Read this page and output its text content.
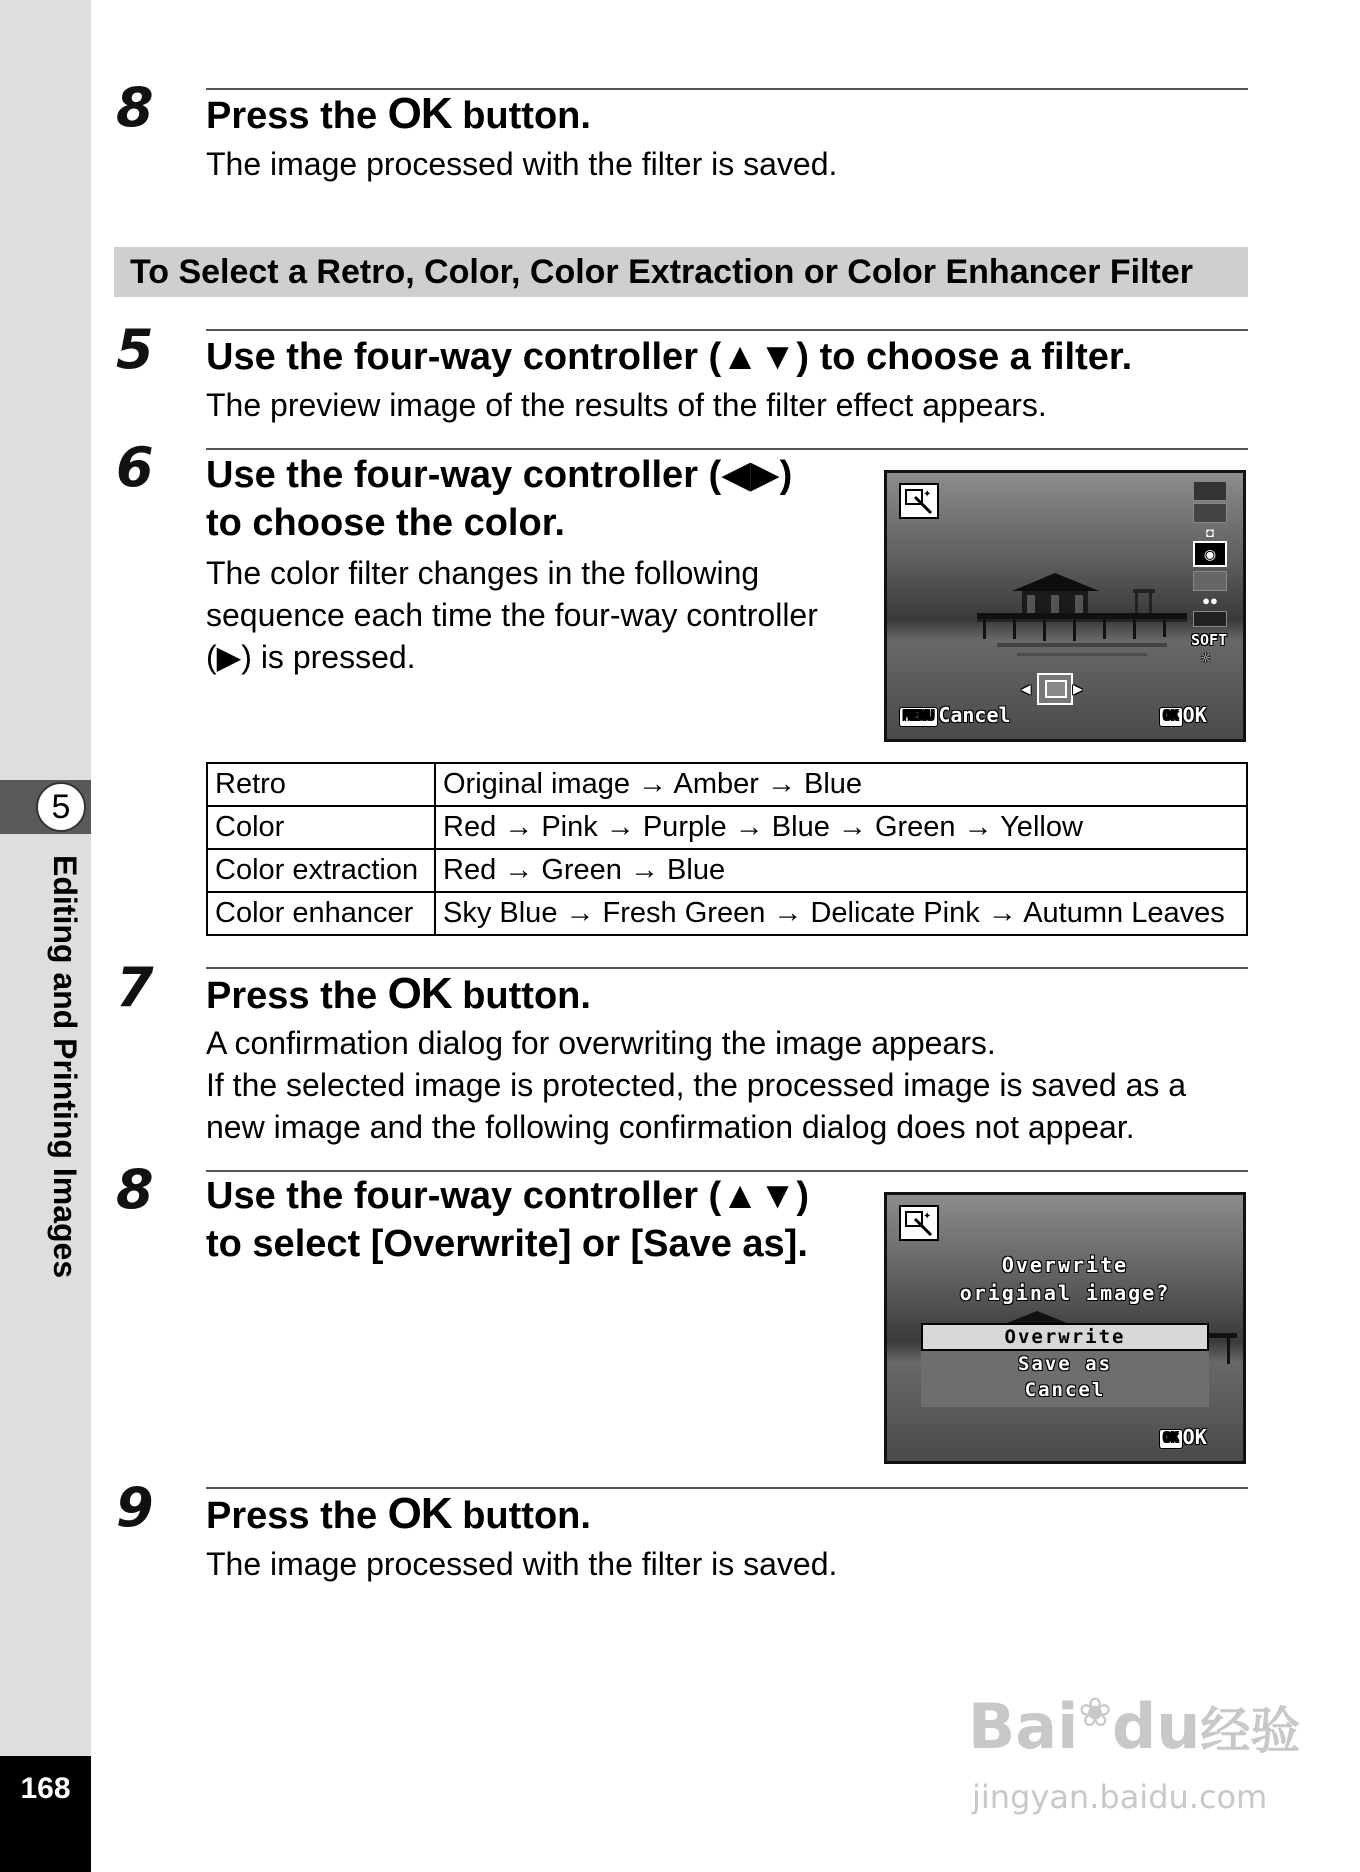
5
Editing and Printing Images
168
8 Press the OK button.
The image processed with the filter is saved.
To Select a Retro, Color, Color Extraction or Color Enhancer Filter
5 Use the four-way controller (▲▼) to choose a filter.
The preview image of the results of the filter effect appears.
6 Use the four-way controller (◀▶)
to choose the color.
The color filter changes in the following
sequence each time the four-way controller
(▶) is pressed.
✦
◘
◉
●●
SOFT
☼
◀	▶
MENU Cancel	OK OK
Retro	Original image → Amber → Blue
Color	Red → Pink → Purple → Blue → Green → Yellow
Color extraction	Red → Green → Blue
Color enhancer	Sky Blue → Fresh Green → Delicate Pink → Autumn Leaves
7 Press the OK button.
A confirmation dialog for overwriting the image appears.
If the selected image is protected, the processed image is saved as a
new image and the following confirmation dialog does not appear.
8 Use the four-way controller (▲▼)
to select [Overwrite] or [Save as].
✦
Overwrite
original image?
Overwrite
Save as
Cancel
OK OK
9 Press the OK button.
The image processed with the filter is saved.
Bai❀du经验
jingyan.baidu.com
